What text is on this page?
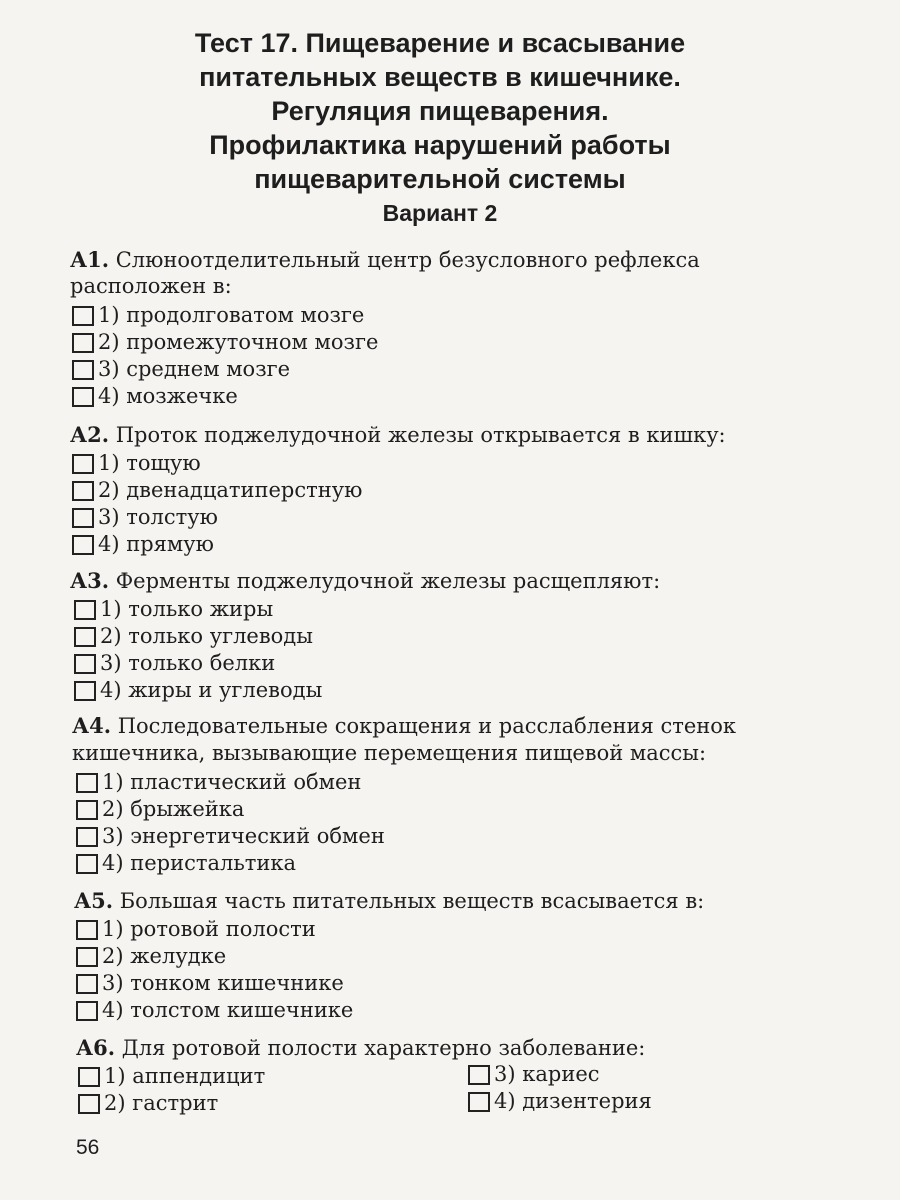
Тест 17. Пищеварение и всасывание
питательных веществ в кишечнике.
Регуляция пищеварения.
Профилактика нарушений работы
пищеварительной системы
Вариант 2
А1. Слюноотделительный центр безусловного рефлекса
расположен в:
1) продолговатом мозге
2) промежуточном мозге
3) среднем мозге
4) мозжечке
А2. Проток поджелудочной железы открывается в кишку:
1) тощую
2) двенадцатиперстную
3) толстую
4) прямую
А3. Ферменты поджелудочной железы расщепляют:
1) только жиры
2) только углеводы
3) только белки
4) жиры и углеводы
А4. Последовательные сокращения и расслабления стенок
кишечника, вызывающие перемещения пищевой массы:
1) пластический обмен
2) брыжейка
3) энергетический обмен
4) перистальтика
А5. Большая часть питательных веществ всасывается в:
1) ротовой полости
2) желудке
3) тонком кишечнике
4) толстом кишечнике
А6. Для ротовой полости характерно заболевание:
1) аппендицит
2) гастрит
3) кариес
4) дизентерия
56
